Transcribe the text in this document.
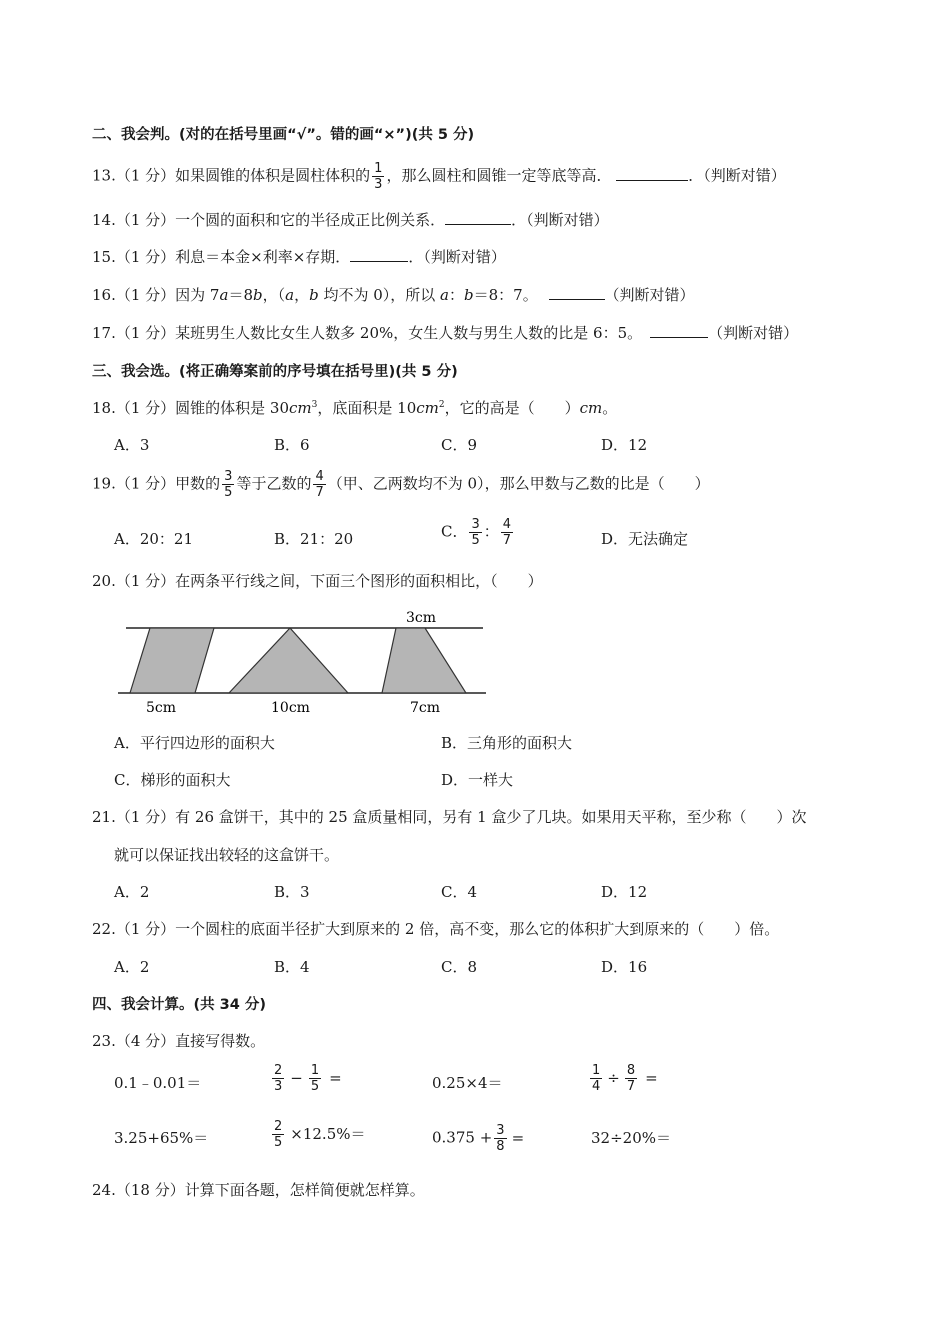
二、我会判。(对的在括号里画“√”。错的画“×”)(共 5 分)
13.（1 分）如果圆锥的体积是圆柱体积的 $\frac{1}{3}$ ，那么圆柱和圆锥一定等底等高．	．（判断对错）
14.（1 分）一个圆的面积和它的半径成正比例关系．	．（判断对错）
15.（1 分）利息＝本金×利率×存期．	．（判断对错）
16.（1 分）因为 7a＝8b，（a，b 均不为 0），所以 a：b＝8：7。	（判断对错）
17.（1 分）某班男生人数比女生人数多 20%，女生人数与男生人数的比是 6：5。	（判断对错）
三、我会选。(将正确筹案前的序号填在括号里)(共 5 分)
18.（1 分）圆锥的体积是 $30cm^3$，底面积是 $10cm^2$，它的高是（　　）cm。
A．3	B．6	C．9	D．12
19.（1 分）甲数的 $\frac{3}{5}$ 等于乙数的 $\frac{4}{7}$ （甲、乙两数均不为 0），那么甲数与乙数的比是（　　）
A．20：21	B．21：20	C． $\frac{3}{5}$ ： $\frac{4}{7}$	D．无法确定
20.（1 分）在两条平行线之间，下面三个图形的面积相比，（　　）
3cm
5cm	10cm	7cm
A．平行四边形的面积大	B．三角形的面积大
C．梯形的面积大	D．一样大
21.（1 分）有 26 盒饼干，其中的 25 盒质量相同，另有 1 盒少了几块。如果用天平称，至少称（　　）次
就可以保证找出较轻的这盒饼干。
A．2	B．3	C．4	D．12
22.（1 分）一个圆柱的底面半径扩大到原来的 2 倍，高不变，那么它的体积扩大到原来的（　　）倍。
A．2	B．4	C．8	D．16
四、我会计算。(共 34 分)
23.（4 分）直接写得数。
0.1﹣0.01＝	$\frac{2}{3} - \frac{1}{5}$ =	0.25×4＝	$\frac{1}{4} \div \frac{8}{7}$ =
3.25+65%＝	$\frac{2}{5} \times 12.5\%=$	$0.375 + \frac{3}{8}$ =	32÷20%＝
24.（18 分）计算下面各题，怎样简便就怎样算。
